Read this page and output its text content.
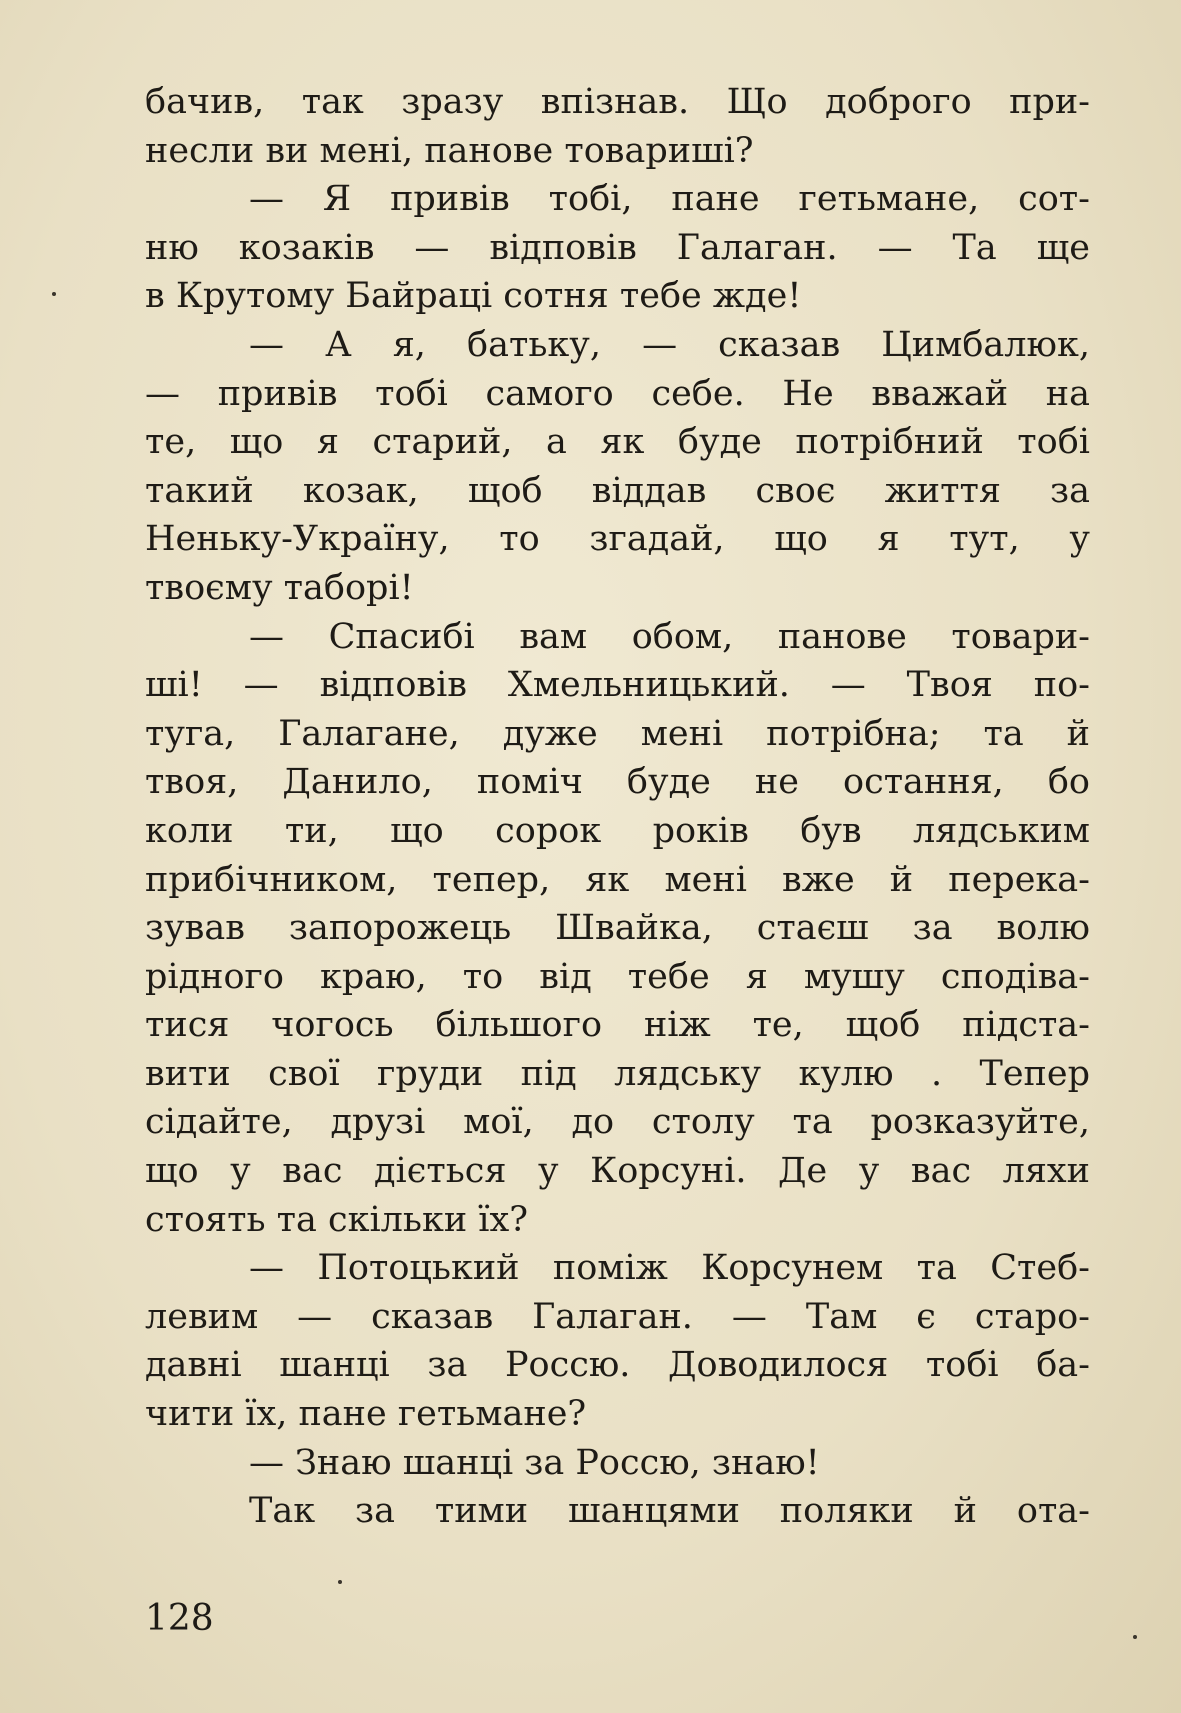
бачив, так зразу впізнав. Що доброго при-
несли ви мені, панове товариші?
— Я привів тобі, пане гетьмане, сот-
ню козаків — відповів Галаган. — Та ще
в Крутому Байраці сотня тебе жде!
— А я, батьку, — сказав Цимбалюк,
— привів тобі самого себе. Не вважай на
те, що я старий, а як буде потрібний тобі
такий козак, щоб віддав своє життя за
Неньку-Україну, то згадай, що я тут, у
твоєму таборі!
— Спасибі вам обом, панове товари-
ші! — відповів Хмельницький. — Твоя по-
туга, Галагане, дуже мені потрібна; та й
твоя, Данило, поміч буде не остання, бо
коли ти, що сорок років був лядським
прибічником, тепер, як мені вже й перека-
зував запорожець Швайка, стаєш за волю
рідного краю, то від тебе я мушу сподіва-
тися чогось більшого ніж те, щоб підста-
вити свої груди під лядську кулю . Тепер
сідайте, друзі мої, до столу та розказуйте,
що у вас діється у Корсуні. Де у вас ляхи
стоять та скільки їх?
— Потоцький поміж Корсунем та Стеб-
левим — сказав Галаган. — Там є старо-
давні шанці за Россю. Доводилося тобі ба-
чити їх, пане гетьмане?
— Знаю шанці за Россю, знаю!
Так за тими шанцями поляки й ота-
128
